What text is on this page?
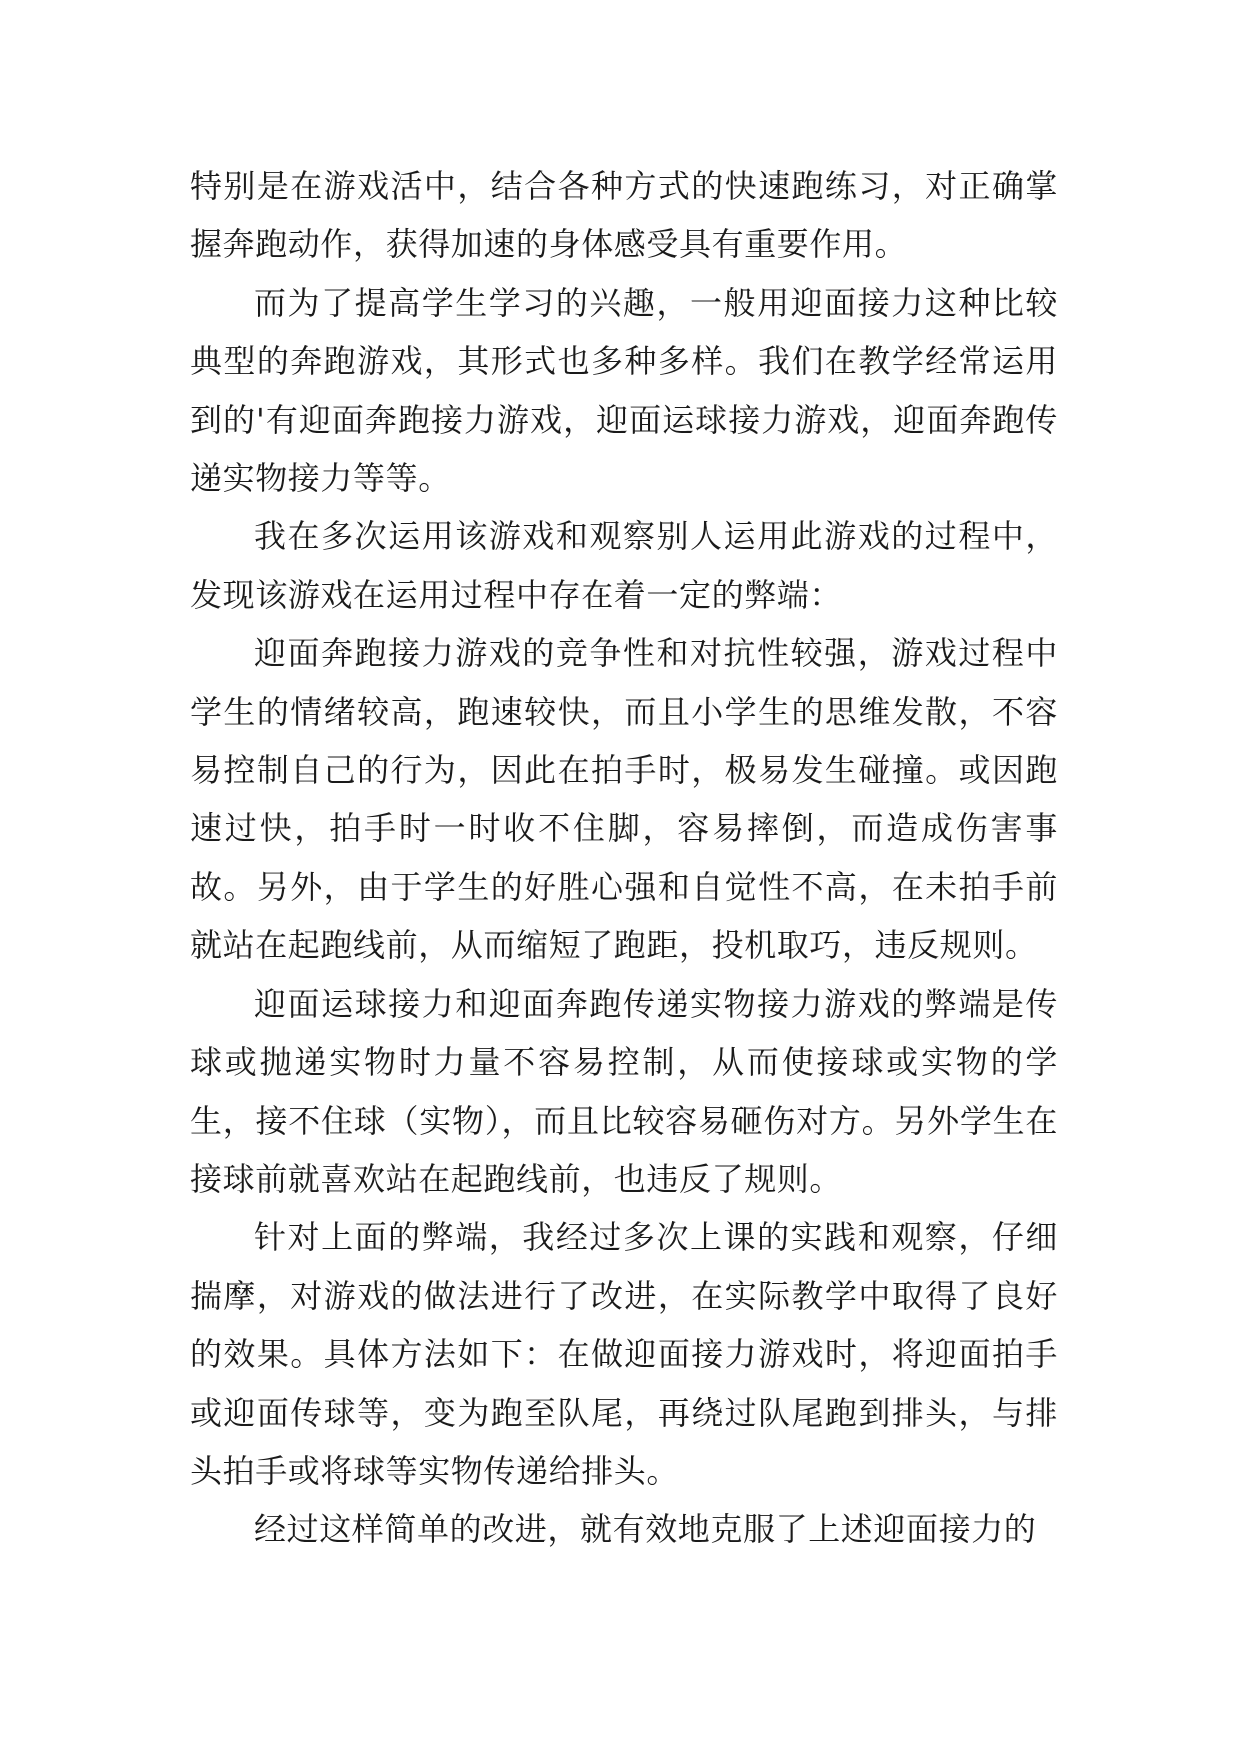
特别是在游戏活中，结合各种方式的快速跑练习，对正确掌握奔跑动作，获得加速的身体感受具有重要作用。

而为了提高学生学习的兴趣，一般用迎面接力这种比较典型的奔跑游戏，其形式也多种多样。我们在教学经常运用到的'有迎面奔跑接力游戏，迎面运球接力游戏，迎面奔跑传递实物接力等等。

我在多次运用该游戏和观察别人运用此游戏的过程中，发现该游戏在运用过程中存在着一定的弊端：

迎面奔跑接力游戏的竞争性和对抗性较强，游戏过程中学生的情绪较高，跑速较快，而且小学生的思维发散，不容易控制自己的行为，因此在拍手时，极易发生碰撞。或因跑速过快，拍手时一时收不住脚，容易摔倒，而造成伤害事故。另外，由于学生的好胜心强和自觉性不高，在未拍手前就站在起跑线前，从而缩短了跑距，投机取巧，违反规则。

迎面运球接力和迎面奔跑传递实物接力游戏的弊端是传球或抛递实物时力量不容易控制，从而使接球或实物的学生，接不住球（实物），而且比较容易砸伤对方。另外学生在接球前就喜欢站在起跑线前，也违反了规则。

针对上面的弊端，我经过多次上课的实践和观察，仔细揣摩，对游戏的做法进行了改进，在实际教学中取得了良好的效果。具体方法如下：在做迎面接力游戏时，将迎面拍手或迎面传球等，变为跑至队尾，再绕过队尾跑到排头，与排头拍手或将球等实物传递给排头。

经过这样简单的改进，就有效地克服了上述迎面接力的
